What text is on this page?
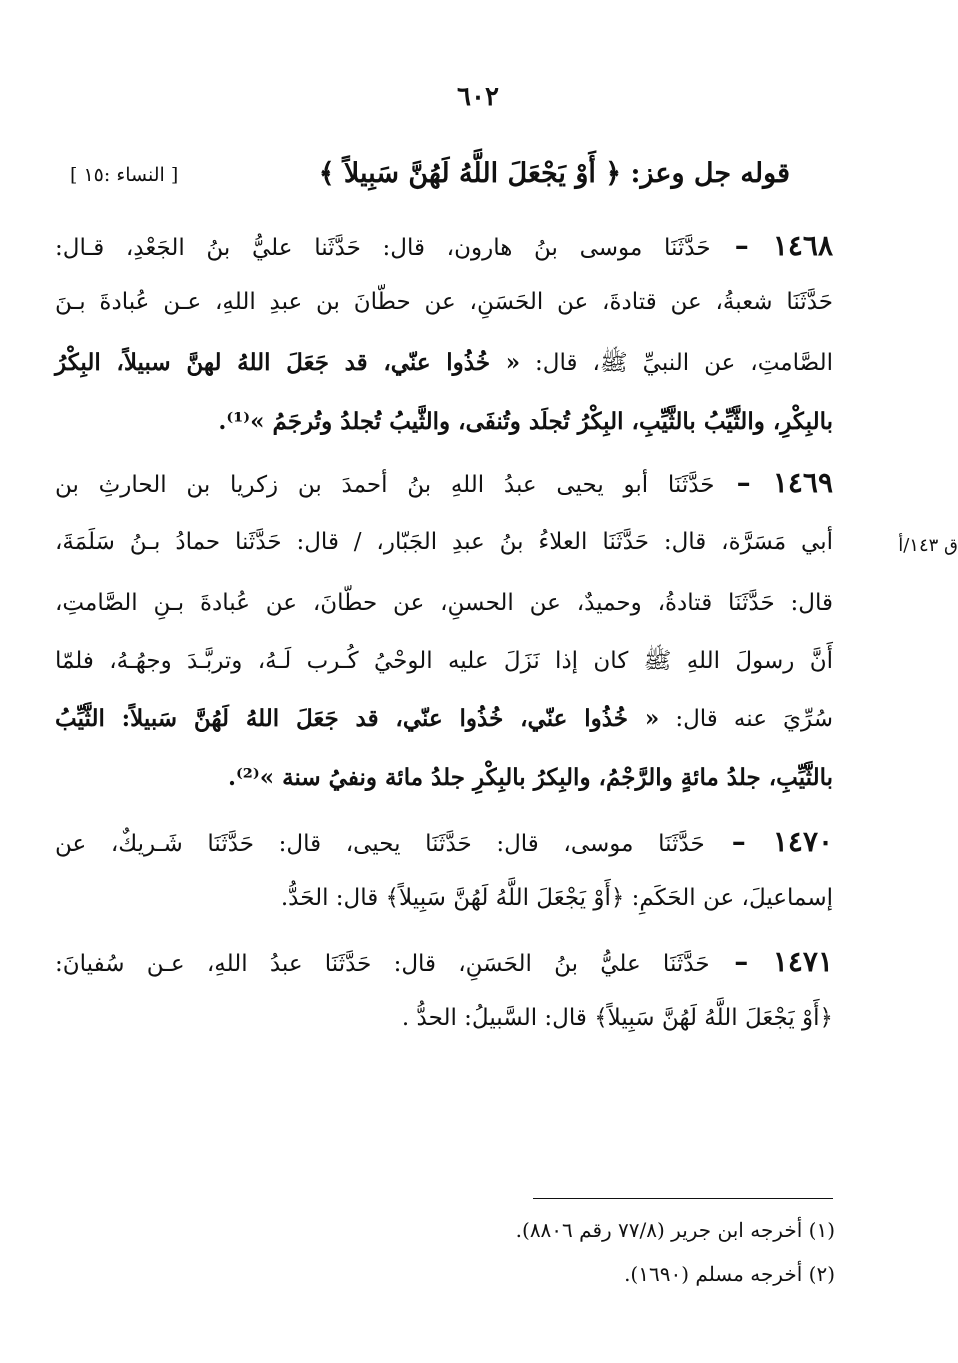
٦٠٢
قوله جل وعز: ﴿ أَوْ يَجْعَلَ اللَّهُ لَهُنَّ سَبِيلاً ﴾
[ النساء :١٥ ]
١٤٦٨ – حَدَّثَنَا موسى بنُ هارون، قال: حَدَّثَنا عليُّ بنُ الجَعْدِ، قـال:
حَدَّثَنَا شعبةُ، عن قتادةَ، عن الحَسَنِ، عن حطّانَ بن عبدِ اللهِ، عـن عُبادةَ بـنَ
الصَّامتِ، عن النبيِّ ﷺ، قال: « خُذُوا عنّي، قد جَعَلَ اللهُ لهنَّ سبيلاً، البِكْرُ
بالبِكْرِ، والثَّيِّبُ بالثَّيِّبِ، البِكْرُ تُجلَد وتُنفَى، والثَّيبُ تُجلدُ وتُرجَمُ »⁽¹⁾.
١٤٦٩ – حَدَّثَنَا أبو يحيى عبدُ اللهِ بنُ أحمدَ بن زكريا بن الحارثِ بن
أبي مَسَرَّة، قال: حَدَّثَنَا العلاءُ بنُ عبدِ الجَبّار، / قال: حَدَّثَنا حمادُ بـنُ سَلَمَةَ،
قال: حَدَّثَنَا قتادةُ، وحميدٌ، عن الحسنِ، عن حطّانَ، عن عُبادةَ بـنِ الصَّامتِ،
أَنَّ رسولَ اللهِ ﷺ كان إذا نَزَلَ عليه الوحْيُ كُـرب لَـهُ، وتربَّـدَ وجهُـهُ، فلمّا
سُرِّيَ عنه قال: « خُذُوا عنّي، خُذُوا عنّي، قد جَعَلَ اللهُ لَهُنَّ سَبيلاً: الثَّيِّبُ
بالثَّيِّبِ، جلدُ مائةٍ والرَّجْمُ، والبِكرُ بالبِكْرِ جلدُ مائة ونفيُ سنة »⁽²⁾.
١٤٧٠ – حَدَّثَنَا موسى، قال: حَدَّثَنَا يحيى، قال: حَدَّثَنَا شَـريكٌ، عن
إسماعيلَ، عن الحَكَمِ: ﴿أَوْ يَجْعَلَ اللَّهُ لَهُنَّ سَبِيلاً﴾ قال: الحَدُّ.
١٤٧١ – حَدَّثَنَا عليُّ بنُ الحَسَنِ، قال: حَدَّثَنَا عبدُ اللهِ، عـن سُفيانَ:
﴿أَوْ يَجْعَلَ اللَّهُ لَهُنَّ سَبِيلاً﴾ قال: السَّبيلُ: الحدُّ .
ق ١٤٣/أ
(١) أخرجه ابن جرير (٧٧/٨ رقم ٨٨٠٦).
(٢) أخرجه مسلم (١٦٩٠).
